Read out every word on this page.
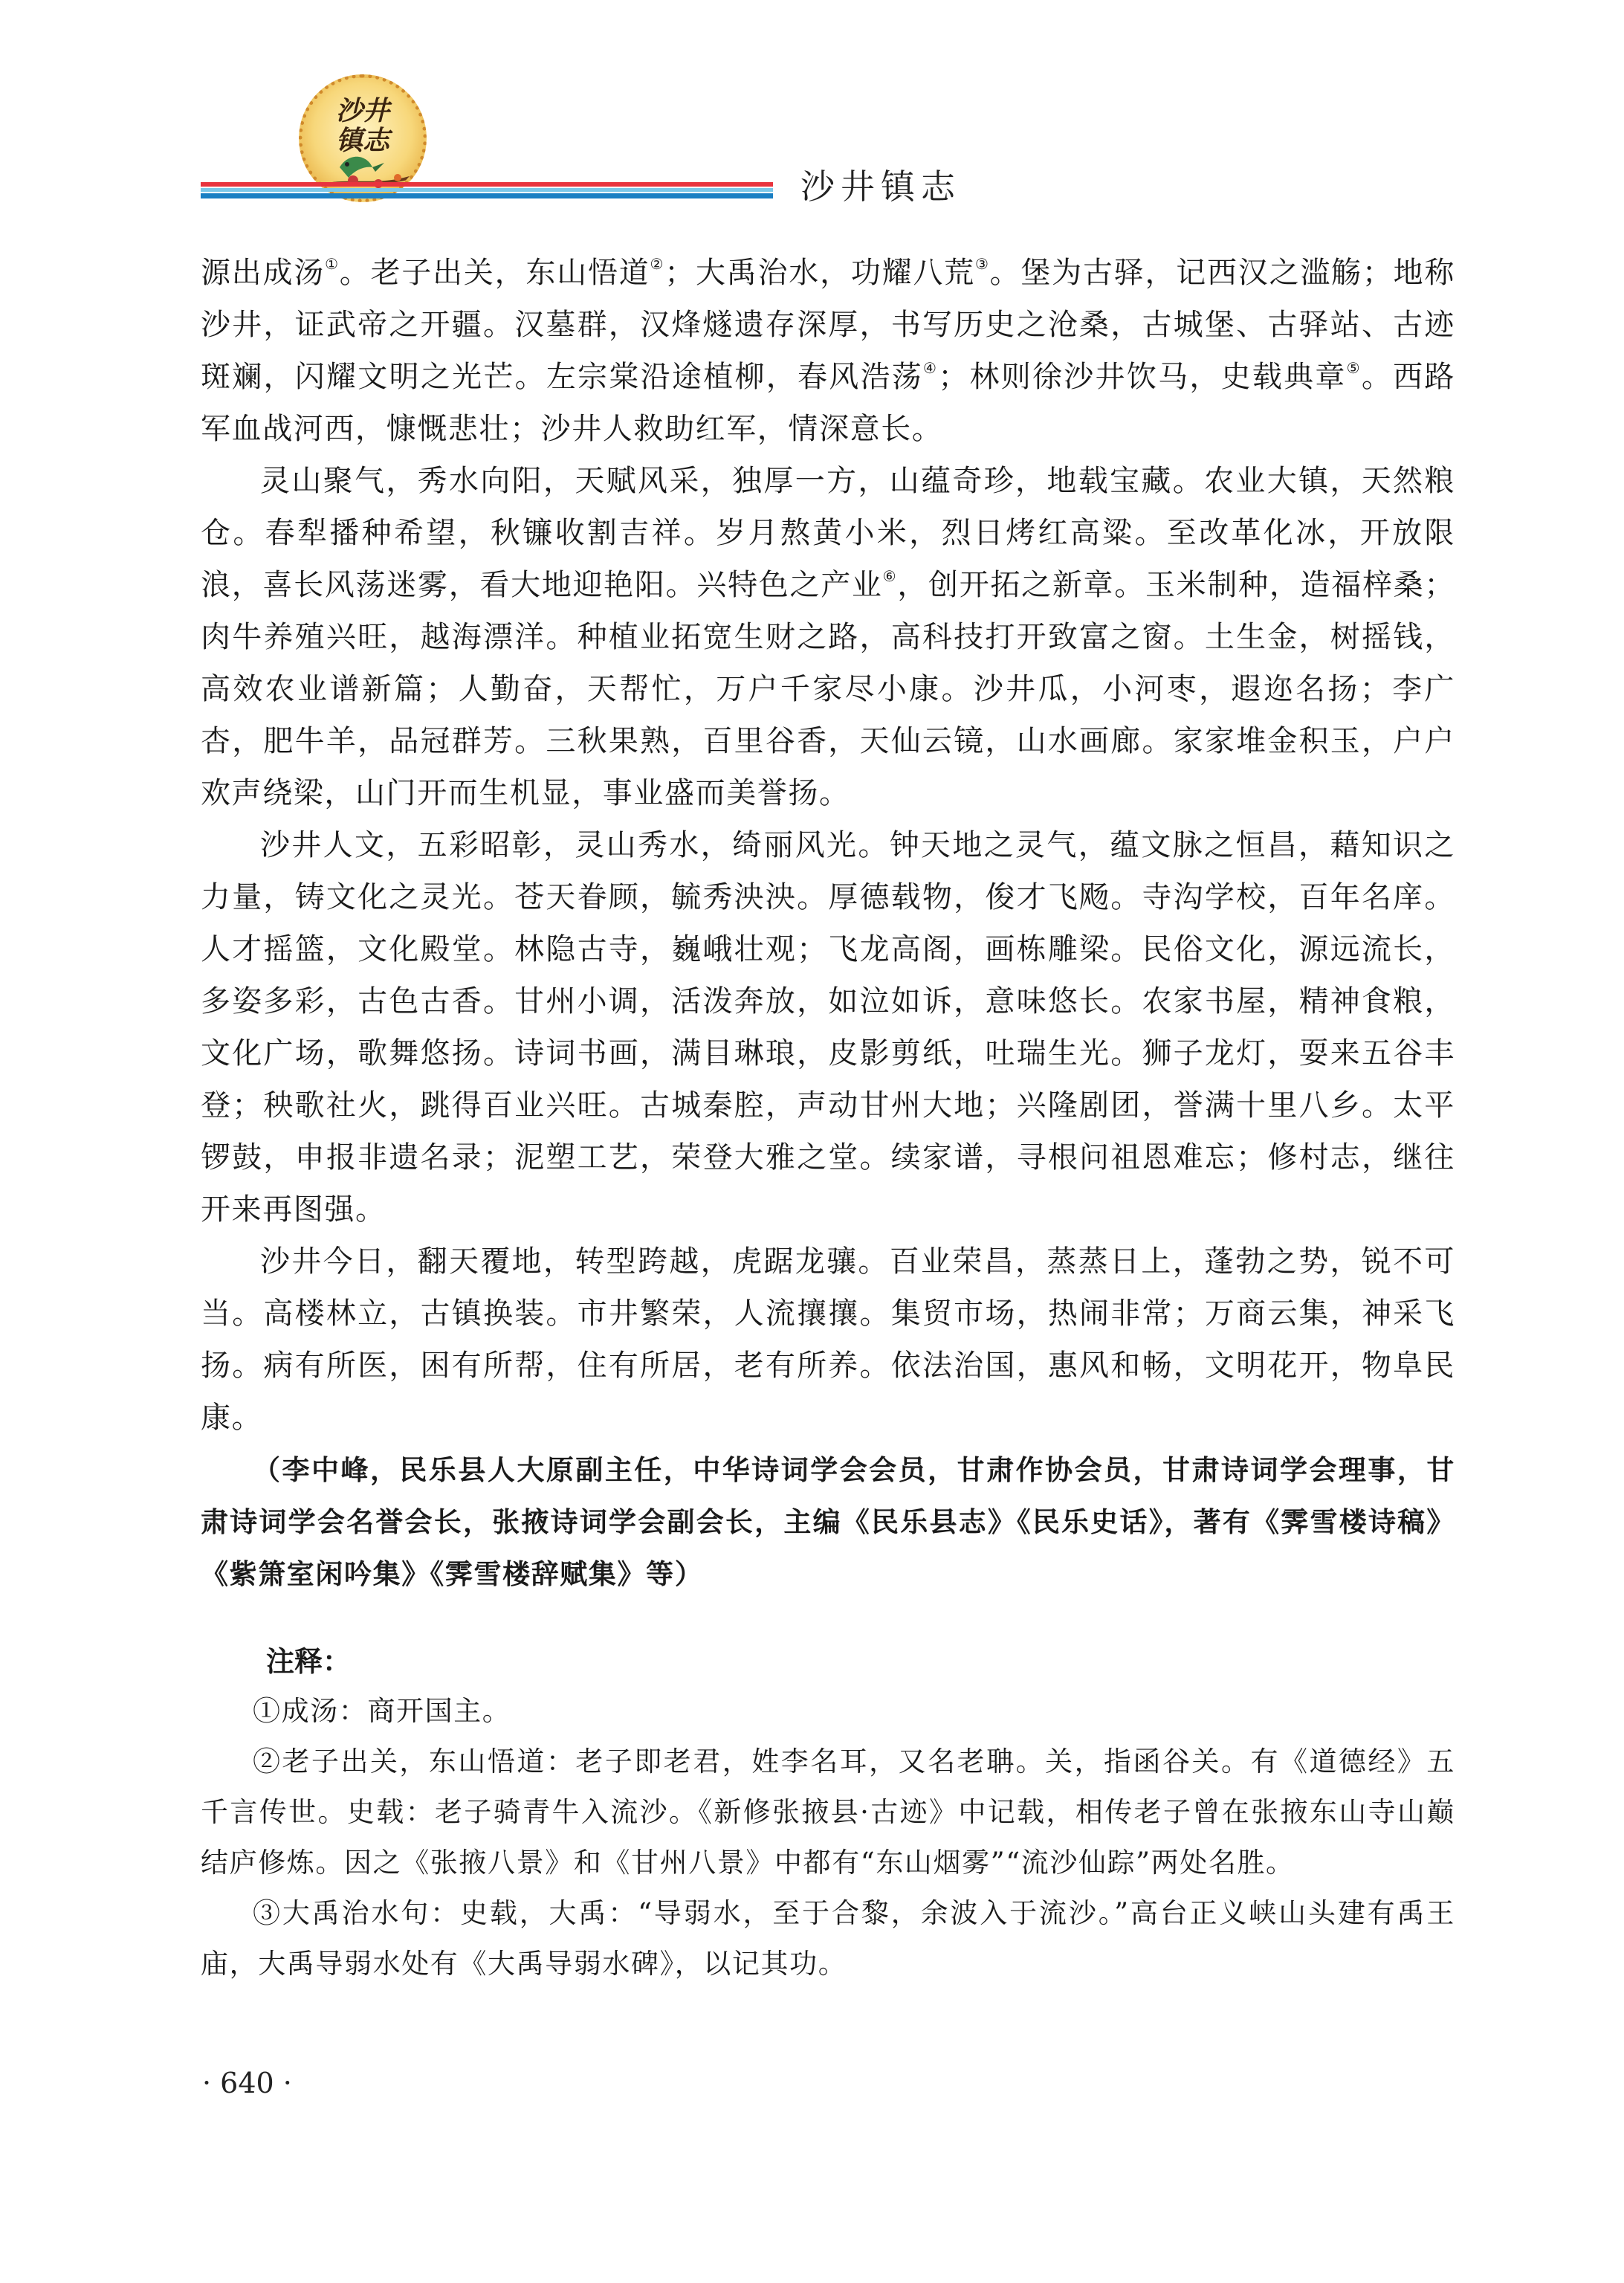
沙井
镇志
沙井镇志

源出成汤①。老子出关，东山悟道②；大禹治水，功耀八荒③。堡为古驿，记西汉之滥觞；地称沙井，证武帝之开疆。汉墓群，汉烽燧遗存深厚，书写历史之沧桑，古城堡、古驿站、古迹斑斓，闪耀文明之光芒。左宗棠沿途植柳，春风浩荡④；林则徐沙井饮马，史载典章⑤。西路军血战河西，慷慨悲壮；沙井人救助红军，情深意长。

灵山聚气，秀水向阳，天赋风采，独厚一方，山蕴奇珍，地载宝藏。农业大镇，天然粮仓。春犁播种希望，秋镰收割吉祥。岁月熬黄小米，烈日烤红高粱。至改革化冰，开放限浪，喜长风荡迷雾，看大地迎艳阳。兴特色之产业⑥，创开拓之新章。玉米制种，造福梓桑；肉牛养殖兴旺，越海漂洋。种植业拓宽生财之路，高科技打开致富之窗。土生金，树摇钱，高效农业谱新篇；人勤奋，天帮忙，万户千家尽小康。沙井瓜，小河枣，遐迩名扬；李广杏，肥牛羊，品冠群芳。三秋果熟，百里谷香，天仙云镜，山水画廊。家家堆金积玉，户户欢声绕梁，山门开而生机显，事业盛而美誉扬。

沙井人文，五彩昭彰，灵山秀水，绮丽风光。钟天地之灵气，蕴文脉之恒昌，藉知识之力量，铸文化之灵光。苍天眷顾，毓秀泱泱。厚德载物，俊才飞飏。寺沟学校，百年名庠。人才摇篮，文化殿堂。林隐古寺，巍峨壮观；飞龙高阁，画栋雕梁。民俗文化，源远流长，多姿多彩，古色古香。甘州小调，活泼奔放，如泣如诉，意味悠长。农家书屋，精神食粮，文化广场，歌舞悠扬。诗词书画，满目琳琅，皮影剪纸，吐瑞生光。狮子龙灯，耍来五谷丰登；秧歌社火，跳得百业兴旺。古城秦腔，声动甘州大地；兴隆剧团，誉满十里八乡。太平锣鼓，申报非遗名录；泥塑工艺，荣登大雅之堂。续家谱，寻根问祖恩难忘；修村志，继往开来再图强。

沙井今日，翻天覆地，转型跨越，虎踞龙骧。百业荣昌，蒸蒸日上，蓬勃之势，锐不可当。高楼林立，古镇换装。市井繁荣，人流攘攘。集贸市场，热闹非常；万商云集，神采飞扬。病有所医，困有所帮，住有所居，老有所养。依法治国，惠风和畅，文明花开，物阜民康。

（李中峰，民乐县人大原副主任，中华诗词学会会员，甘肃作协会员，甘肃诗词学会理事，甘肃诗词学会名誉会长，张掖诗词学会副会长，主编《民乐县志》《民乐史话》，著有《霁雪楼诗稿》《紫箫室闲吟集》《霁雪楼辞赋集》等）

注释：

①成汤：商开国主。

②老子出关，东山悟道：老子即老君，姓李名耳，又名老聃。关，指函谷关。有《道德经》五千言传世。史载：老子骑青牛入流沙。《新修张掖县·古迹》中记载，相传老子曾在张掖东山寺山巅结庐修炼。因之《张掖八景》和《甘州八景》中都有“东山烟雾”“流沙仙踪”两处名胜。

③大禹治水句：史载，大禹：“导弱水，至于合黎，余波入于流沙。”高台正义峡山头建有禹王庙，大禹导弱水处有《大禹导弱水碑》，以记其功。

· 640 ·
